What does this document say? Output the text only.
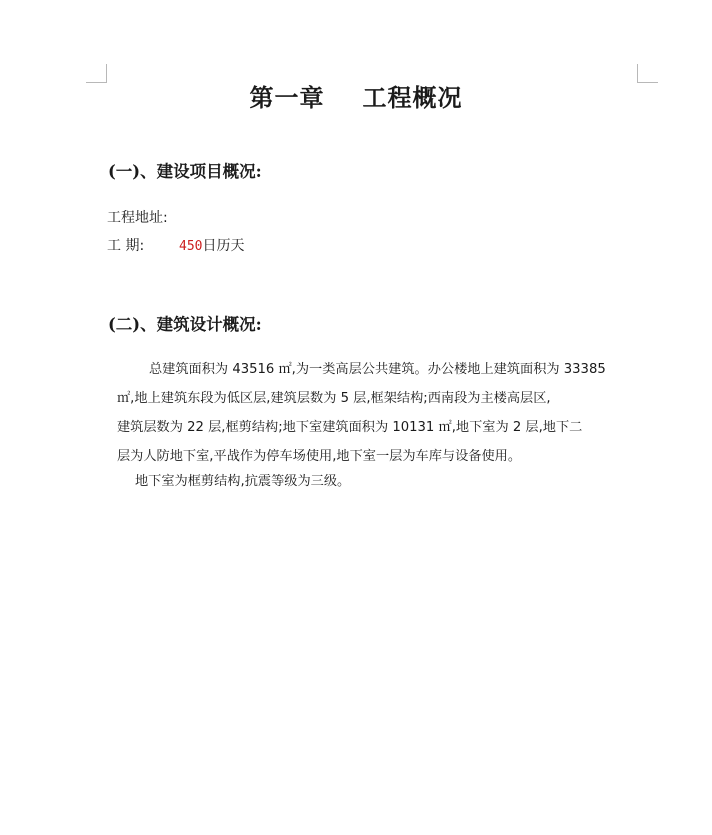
第一章 工程概况
(一)、建设项目概况:
工程地址:
工 期:	450日历天
(二)、建筑设计概况:
总建筑面积为 43516 ㎡,为一类高层公共建筑。办公楼地上建筑面积为 33385
㎡,地上建筑东段为低区层,建筑层数为 5 层,框架结构;西南段为主楼高层区,
建筑层数为 22 层,框剪结构;地下室建筑面积为 10131 ㎡,地下室为 2 层,地下二
层为人防地下室,平战作为停车场使用,地下室一层为车库与设备使用。
地下室为框剪结构,抗震等级为三级。
